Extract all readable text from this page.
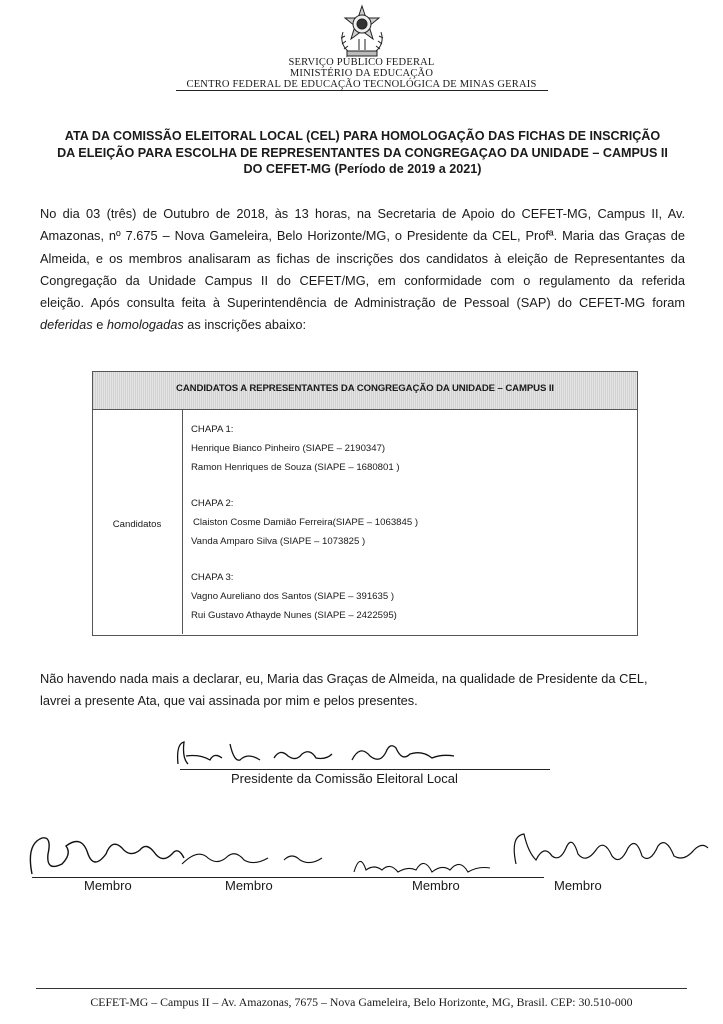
SERVIÇO PÚBLICO FEDERAL
MINISTÉRIO DA EDUCAÇÃO
CENTRO FEDERAL DE EDUCAÇÃO TECNOLÓGICA DE MINAS GERAIS
ATA DA COMISSÃO ELEITORAL LOCAL (CEL) PARA HOMOLOGAÇÃO DAS FICHAS DE INSCRIÇÃO
DA ELEIÇÃO PARA ESCOLHA DE REPRESENTANTES DA CONGREGAÇAO DA UNIDADE – CAMPUS II
DO CEFET-MG (Período de 2019 a 2021)
No dia 03 (três) de Outubro de 2018, às 13 horas, na Secretaria de Apoio do CEFET-MG, Campus II, Av.
Amazonas, nº 7.675 – Nova Gameleira, Belo Horizonte/MG, o Presidente da CEL, Profª. Maria das Graças de
Almeida, e os membros analisaram as fichas de inscrições dos candidatos à eleição de Representantes da
Congregação da Unidade Campus II do CEFET/MG, em conformidade com o regulamento da referida
eleição. Após consulta feita à Superintendência de Administração de Pessoal (SAP) do CEFET-MG foram
deferidas e homologadas as inscrições abaixo:
CANDIDATOS A REPRESENTANTES DA CONGREGAÇÃO DA UNIDADE – CAMPUS II
Candidatos
CHAPA 1:
Henrique Bianco Pinheiro (SIAPE – 2190347)
Ramon Henriques de Souza (SIAPE – 1680801 )
CHAPA 2:
Claiston Cosme Damião Ferreira(SIAPE – 1063845 )
Vanda Amparo Silva (SIAPE – 1073825 )
CHAPA 3:
Vagno Aureliano dos Santos (SIAPE – 391635 )
Rui Gustavo Athayde Nunes (SIAPE – 2422595)
Não havendo nada mais a declarar, eu, Maria das Graças de Almeida, na qualidade de Presidente da CEL,
lavrei a presente Ata, que vai assinada por mim e pelos presentes.
Presidente da Comissão Eleitoral Local
Membro	Membro	Membro	Membro
CEFET-MG – Campus II – Av. Amazonas, 7675 – Nova Gameleira, Belo Horizonte, MG, Brasil. CEP: 30.510-000
